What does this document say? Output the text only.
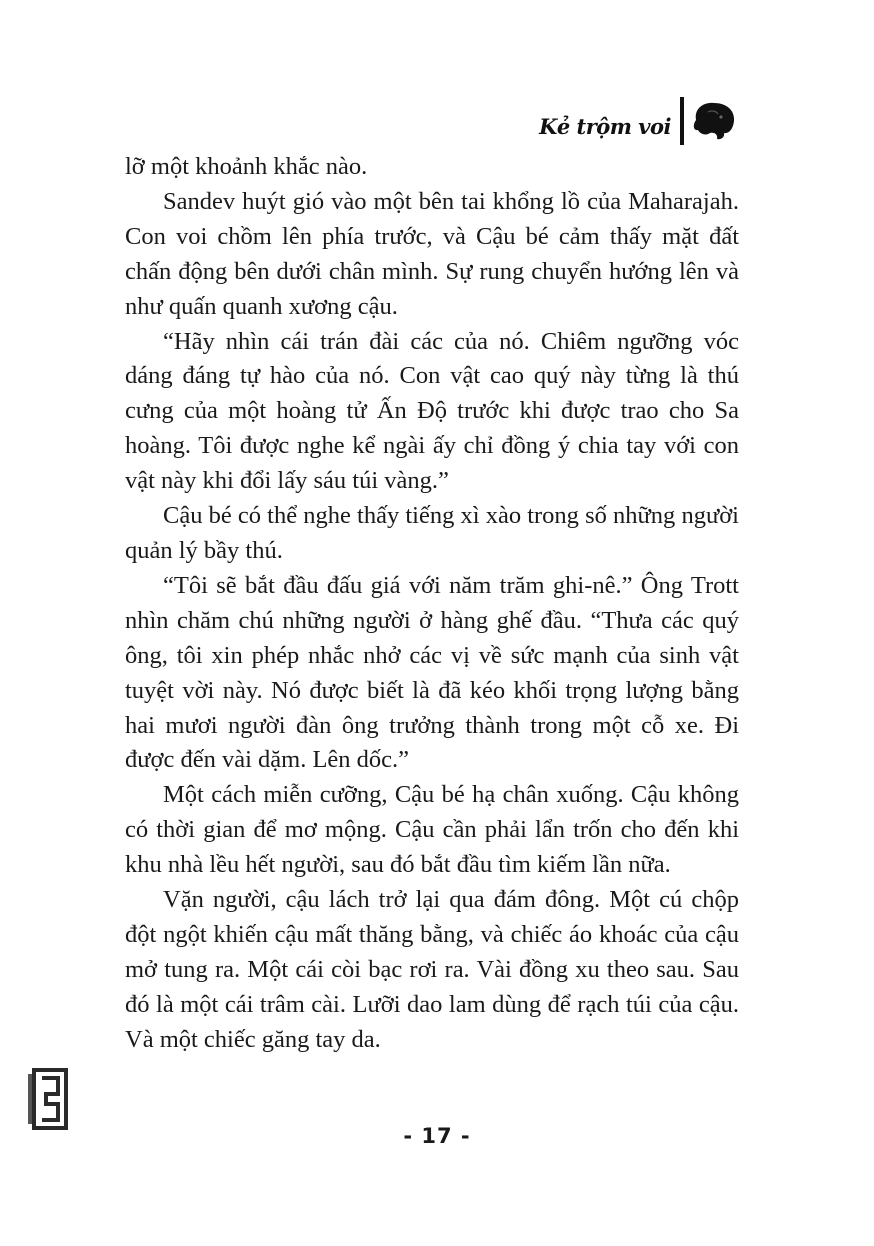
Kẻ trộm voi

lỡ một khoảnh khắc nào.

Sandev huýt gió vào một bên tai khổng lồ của Maharajah. Con voi chồm lên phía trước, và Cậu bé cảm thấy mặt đất chấn động bên dưới chân mình. Sự rung chuyển hướng lên và như quấn quanh xương cậu.

“Hãy nhìn cái trán đài các của nó. Chiêm ngưỡng vóc dáng đáng tự hào của nó. Con vật cao quý này từng là thú cưng của một hoàng tử Ấn Độ trước khi được trao cho Sa hoàng. Tôi được nghe kể ngài ấy chỉ đồng ý chia tay với con vật này khi đổi lấy sáu túi vàng.”

Cậu bé có thể nghe thấy tiếng xì xào trong số những người quản lý bầy thú.

“Tôi sẽ bắt đầu đấu giá với năm trăm ghi-nê.” Ông Trott nhìn chăm chú những người ở hàng ghế đầu. “Thưa các quý ông, tôi xin phép nhắc nhở các vị về sức mạnh của sinh vật tuyệt vời này. Nó được biết là đã kéo khối trọng lượng bằng hai mươi người đàn ông trưởng thành trong một cỗ xe. Đi được đến vài dặm. Lên dốc.”

Một cách miễn cưỡng, Cậu bé hạ chân xuống. Cậu không có thời gian để mơ mộng. Cậu cần phải lẩn trốn cho đến khi khu nhà lều hết người, sau đó bắt đầu tìm kiếm lần nữa.

Vặn người, cậu lách trở lại qua đám đông. Một cú chộp đột ngột khiến cậu mất thăng bằng, và chiếc áo khoác của cậu mở tung ra. Một cái còi bạc rơi ra. Vài đồng xu theo sau. Sau đó là một cái trâm cài. Lưỡi dao lam dùng để rạch túi của cậu. Và một chiếc găng tay da.

- 17 -
